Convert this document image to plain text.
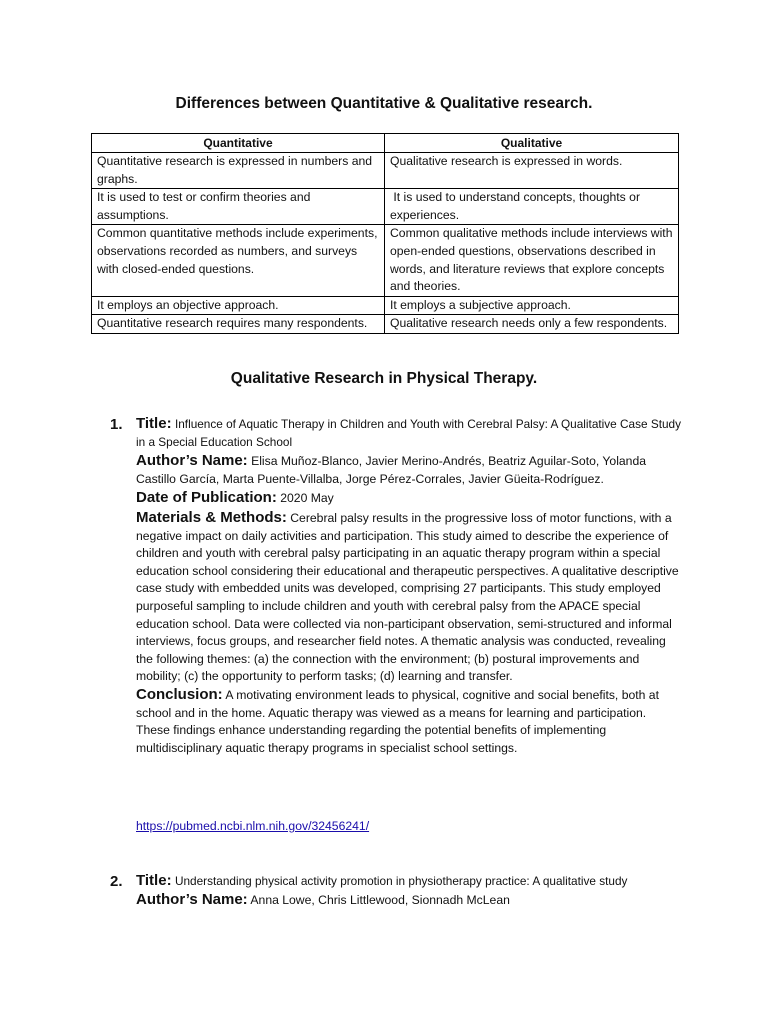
Differences between Quantitative & Qualitative research.
Quantitative	Qualitative
Quantitative research is expressed in numbers and graphs.	Qualitative research is expressed in words.
It is used to test or confirm theories and assumptions.	It is used to understand concepts, thoughts or experiences.
Common quantitative methods include experiments, observations recorded as numbers, and surveys with closed-ended questions.	Common qualitative methods include interviews with open-ended questions, observations described in words, and literature reviews that explore concepts and theories.
It employs an objective approach.	It employs a subjective approach.
Quantitative research requires many respondents.	Qualitative research needs only a few respondents.
Qualitative Research in Physical Therapy.
1. Title: Influence of Aquatic Therapy in Children and Youth with Cerebral Palsy: A Qualitative Case Study in a Special Education School

Author’s Name: Elisa Muñoz-Blanco, Javier Merino-Andrés, Beatriz Aguilar-Soto, Yolanda Castillo García, Marta Puente-Villalba, Jorge Pérez-Corrales, Javier Güeita-Rodríguez.

Date of Publication: 2020 May

Materials & Methods: Cerebral palsy results in the progressive loss of motor functions, with a negative impact on daily activities and participation. This study aimed to describe the experience of children and youth with cerebral palsy participating in an aquatic therapy program within a special education school considering their educational and therapeutic perspectives. A qualitative descriptive case study with embedded units was developed, comprising 27 participants. This study employed purposeful sampling to include children and youth with cerebral palsy from the APACE special education school. Data were collected via non-participant observation, semi-structured and informal interviews, focus groups, and researcher field notes. A thematic analysis was conducted, revealing the following themes: (a) the connection with the environment; (b) postural improvements and mobility; (c) the opportunity to perform tasks; (d) learning and transfer.

Conclusion: A motivating environment leads to physical, cognitive and social benefits, both at school and in the home. Aquatic therapy was viewed as a means for learning and participation. These findings enhance understanding regarding the potential benefits of implementing multidisciplinary aquatic therapy programs in specialist school settings.

https://pubmed.ncbi.nlm.nih.gov/32456241/
2. Title: Understanding physical activity promotion in physiotherapy practice: A qualitative study

Author’s Name: Anna Lowe, Chris Littlewood, Sionnadh McLean
